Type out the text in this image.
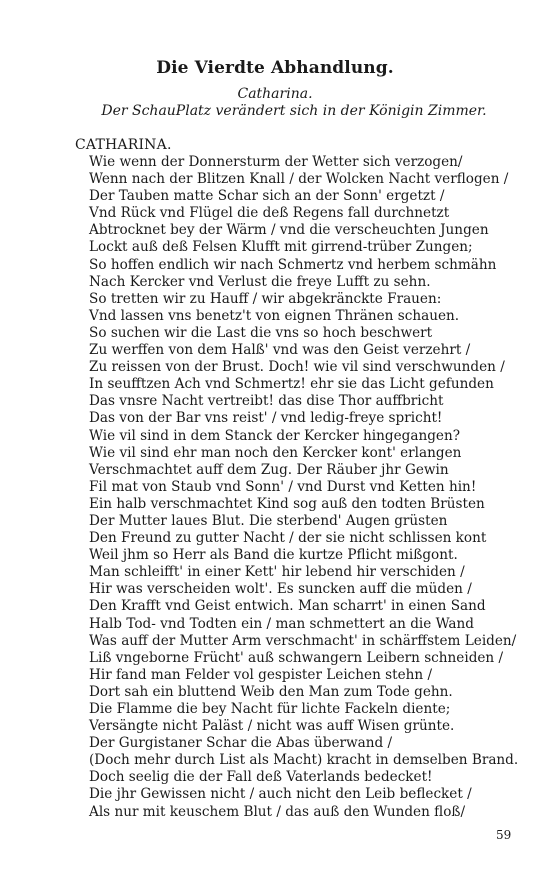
Die Vierdte Abhandlung.
Catharina.
Der SchauPlatz verändert sich in der Königin Zimmer.
CATHARINA.
Wie wenn der Donnersturm der Wetter sich verzogen/
Wenn nach der Blitzen Knall / der Wolcken Nacht verflogen /
Der Tauben matte Schar sich an der Sonn' ergetzt /
Vnd Rück vnd Flügel die deß Regens fall durchnetzt
Abtrocknet bey der Wärm / vnd die verscheuchten Jungen
Lockt auß deß Felsen Klufft mit girrend-trüber Zungen;
So hoffen endlich wir nach Schmertz vnd herbem schmähn
Nach Kercker vnd Verlust die freye Lufft zu sehn.
So tretten wir zu Hauff / wir abgekränckte Frauen:
Vnd lassen vns benetz't von eignen Thränen schauen.
So suchen wir die Last die vns so hoch beschwert
Zu werffen von dem Halß' vnd was den Geist verzehrt /
Zu reissen von der Brust. Doch! wie vil sind verschwunden /
In seufftzen Ach vnd Schmertz! ehr sie das Licht gefunden
Das vnsre Nacht vertreibt! das dise Thor auffbricht
Das von der Bar vns reist' / vnd ledig-freye spricht!
Wie vil sind in dem Stanck der Kercker hingegangen?
Wie vil sind ehr man noch den Kercker kont' erlangen
Verschmachtet auff dem Zug. Der Räuber jhr Gewin
Fil mat von Staub vnd Sonn' / vnd Durst vnd Ketten hin!
Ein halb verschmachtet Kind sog auß den todten Brüsten
Der Mutter laues Blut. Die sterbend' Augen grüsten
Den Freund zu gutter Nacht / der sie nicht schlissen kont
Weil jhm so Herr als Band die kurtze Pflicht mißgont.
Man schleifft' in einer Kett' hir lebend hir verschiden /
Hir was verscheiden wolt'. Es suncken auff die müden /
Den Krafft vnd Geist entwich. Man scharrt' in einen Sand
Halb Tod- vnd Todten ein / man schmettert an die Wand
Was auff der Mutter Arm verschmacht' in schärffstem Leiden/
Liß vngeborne Frücht' auß schwangern Leibern schneiden /
Hir fand man Felder vol gespister Leichen stehn /
Dort sah ein bluttend Weib den Man zum Tode gehn.
Die Flamme die bey Nacht für lichte Fackeln diente;
Versängte nicht Paläst / nicht was auff Wisen grünte.
Der Gurgistaner Schar die Abas überwand /
(Doch mehr durch List als Macht) kracht in demselben Brand.
Doch seelig die der Fall deß Vaterlands bedecket!
Die jhr Gewissen nicht / auch nicht den Leib beflecket /
Als nur mit keuschem Blut / das auß den Wunden floß/
59
